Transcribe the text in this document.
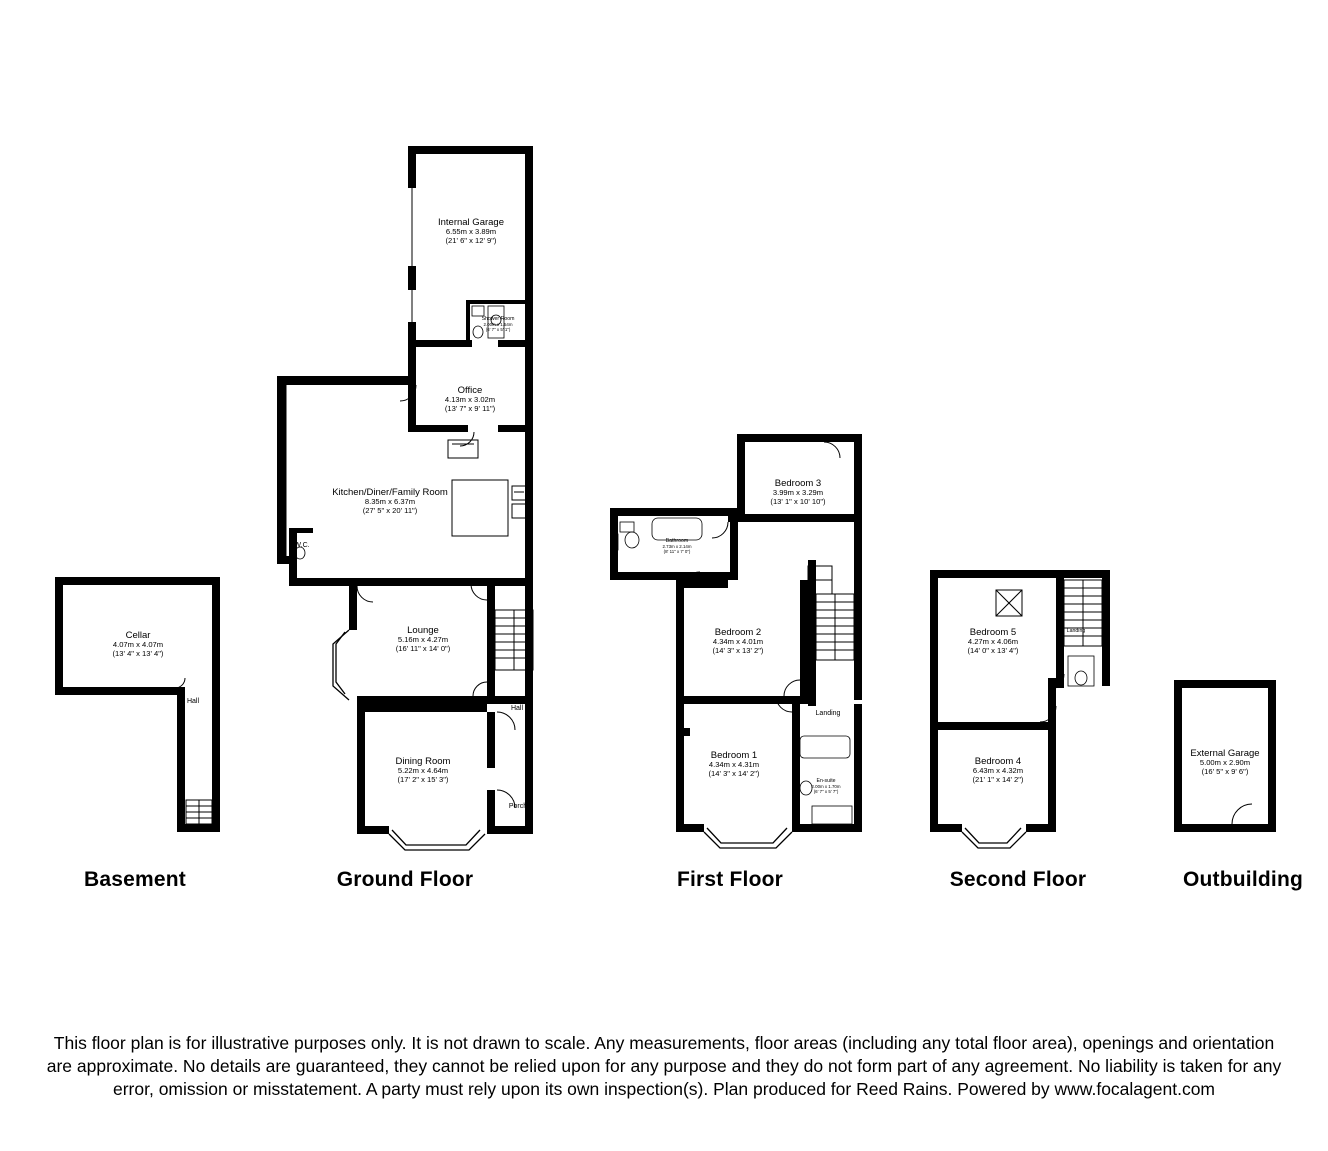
Basement	Ground Floor	First Floor	Second Floor	Outbuilding
Cellar
4.07m x 4.07m
(13' 4" x 13' 4")
Hall
Internal Garage
6.55m x 3.89m
(21' 6" x 12' 9")
Shower Room
2.00m x 1.54m
(6' 7" x 5' 1")
Office
4.13m x 3.02m
(13' 7" x 9' 11")
Kitchen/Diner/Family Room
8.35m x 6.37m
(27' 5" x 20' 11")
W.C.
Lounge
5.16m x 4.27m
(16' 11" x 14' 0")
Hall
Dining Room
5.22m x 4.64m
(17' 2" x 15' 3")
Porch
Bedroom 3
3.99m x 3.29m
(13' 1" x 10' 10")
Bathroom
2.73m x 2.14m
(8' 11" x 7' 0")
Bedroom 2
4.34m x 4.01m
(14' 3" x 13' 2")
Landing
Bedroom 1
4.34m x 4.31m
(14' 3" x 14' 2")
En-suite
2.00m x 1.70m
(6' 7" x 5' 7")
Bedroom 5
4.27m x 4.06m
(14' 0" x 13' 4")
Landing
Bedroom 4
6.43m x 4.32m
(21' 1" x 14' 2")
External Garage
5.00m x 2.90m
(16' 5" x 9' 6")
This floor plan is for illustrative purposes only. It is not drawn to scale. Any measurements, floor areas (including any total floor area), openings and orientation are approximate. No details are guaranteed, they cannot be relied upon for any purpose and they do not form part of any agreement. No liability is taken for any error, omission or misstatement. A party must rely upon its own inspection(s). Plan produced for Reed Rains. Powered by www.focalagent.com
